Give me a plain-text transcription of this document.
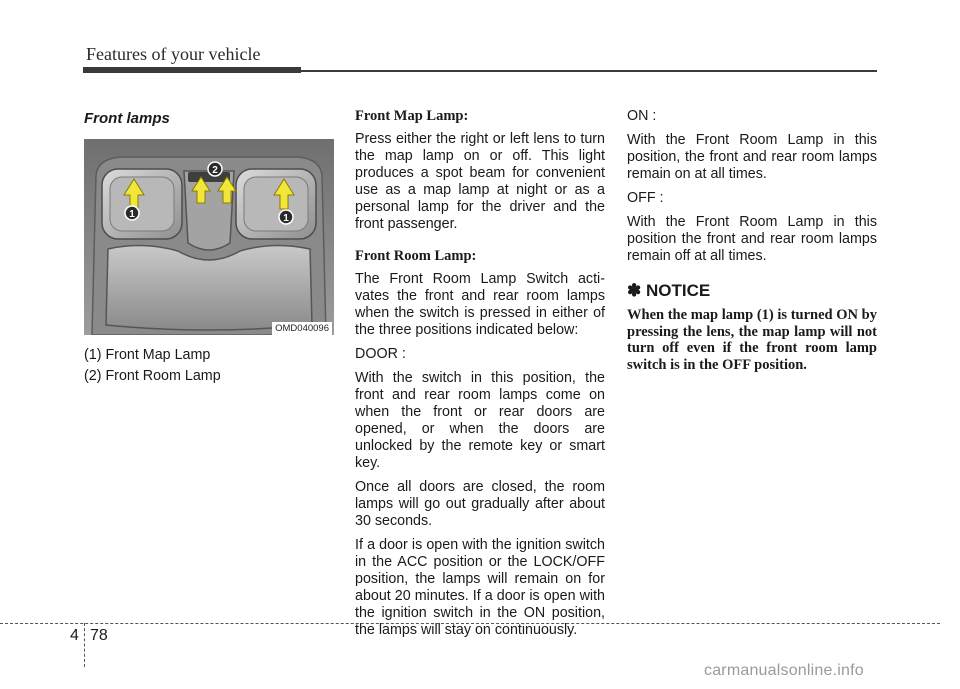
Features of your vehicle
Front lamps
1	1
2
OMD040096

(1) Front Map Lamp

(2) Front Room Lamp

Front Map Lamp:

Press either the right or left lens to turn the map lamp on or off. This light produces a spot beam for convenient use as a map lamp at night or as a personal lamp for the driver and the front passenger.

Front Room Lamp:

The Front Room Lamp Switch acti- vates the front and rear room lamps when the switch is pressed in either of the three positions indicated below:

DOOR :

With the switch in this position, the front and rear room lamps come on when the front or rear doors are opened, or when the doors are unlocked by the remote key or smart key.

Once all doors are closed, the room lamps will go out gradually after about 30 seconds.

If a door is open with the ignition switch in the ACC position or the LOCK/OFF position, the lamps will remain on for about 20 minutes. If a door is open with the ignition switch in the ON position, the lamps will stay on continuously.

ON :

With the Front Room Lamp in this position, the front and rear room lamps remain on at all times.

OFF :

With the Front Room Lamp in this position the front and rear room lamps remain off at all times.

✽ NOTICE
When the map lamp (1) is turned ON by pressing the lens, the map lamp will not turn off even if the front room lamp switch is in the OFF position.
4 78
carmanualsonline.info
